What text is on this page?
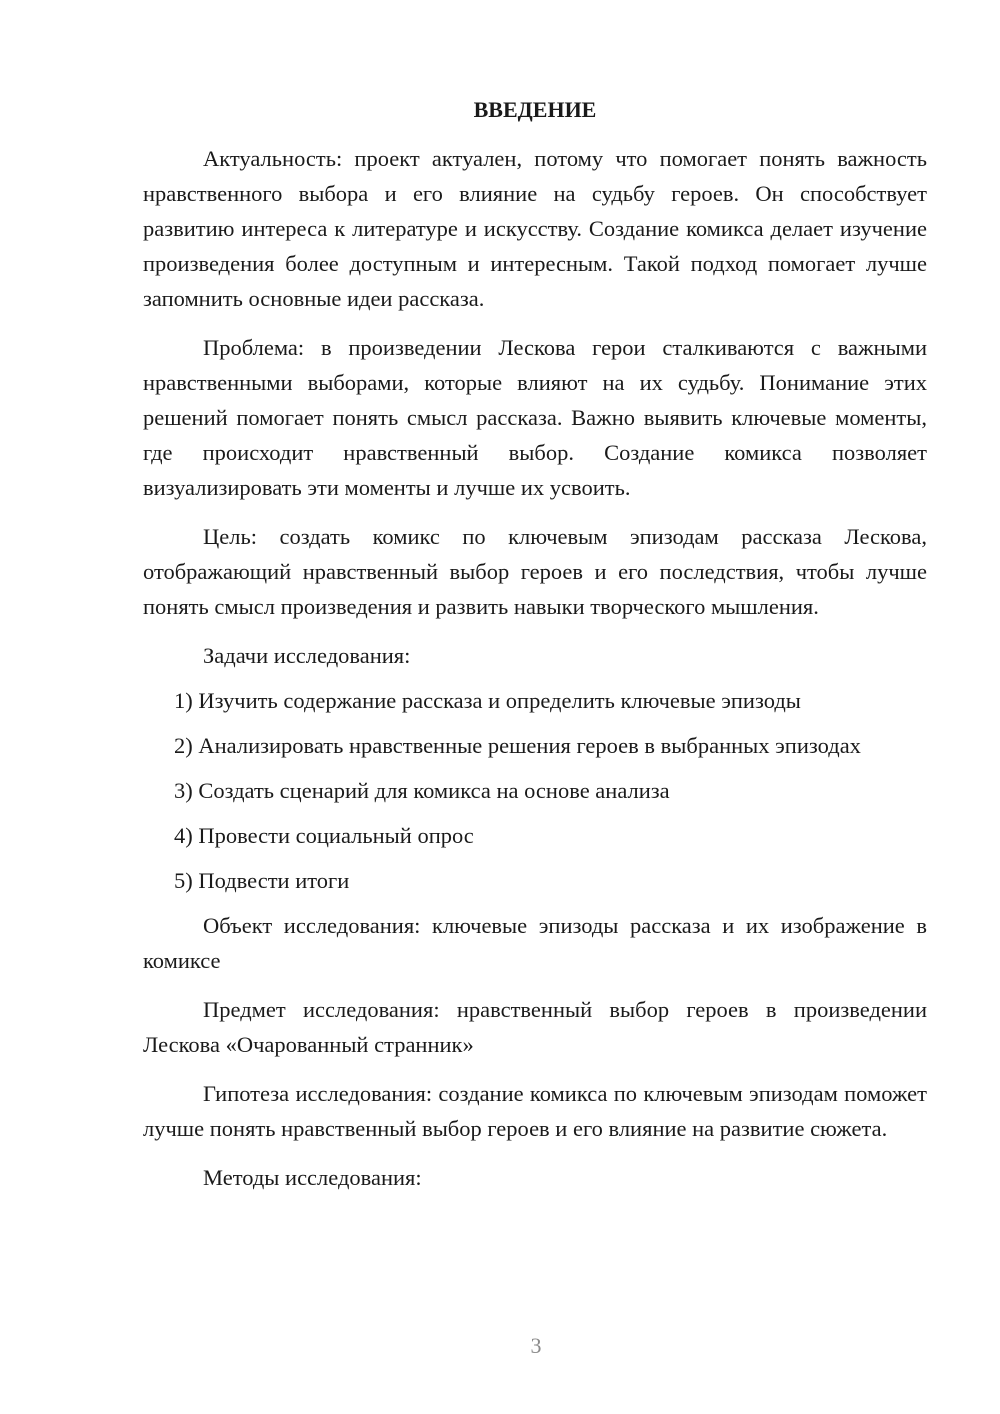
ВВЕДЕНИЕ

Актуальность: проект актуален, потому что помогает понять важность нравственного выбора и его влияние на судьбу героев. Он способствует развитию интереса к литературе и искусству. Создание комикса делает изучение произведения более доступным и интересным. Такой подход помогает лучше запомнить основные идеи рассказа.

Проблема: в произведении Лескова герои сталкиваются с важными нравственными выборами, которые влияют на их судьбу. Понимание этих решений помогает понять смысл рассказа. Важно выявить ключевые моменты, где происходит нравственный выбор. Создание комикса позволяет визуализировать эти моменты и лучше их усвоить.

Цель: создать комикс по ключевым эпизодам рассказа Лескова, отображающий нравственный выбор героев и его последствия, чтобы лучше понять смысл произведения и развить навыки творческого мышления.

Задачи исследования:

1) Изучить содержание рассказа и определить ключевые эпизоды

2) Анализировать нравственные решения героев в выбранных эпизодах

3) Создать сценарий для комикса на основе анализа

4) Провести социальный опрос

5) Подвести итоги

Объект исследования: ключевые эпизоды рассказа и их изображение в комиксе

Предмет исследования: нравственный выбор героев в произведении Лескова «Очарованный странник»

Гипотеза исследования: создание комикса по ключевым эпизодам поможет лучше понять нравственный выбор героев и его влияние на развитие сюжета.

Методы исследования:

3
